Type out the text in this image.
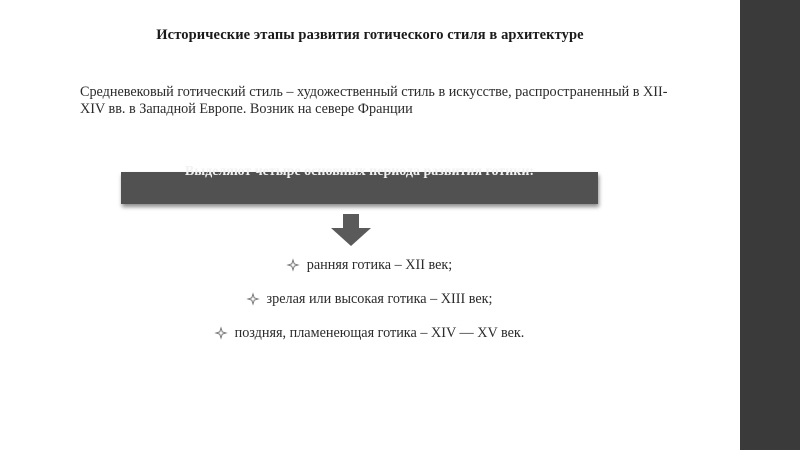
Исторические этапы развития готического стиля в архитектуре
Средневековый готический стиль – художественный стиль в искусстве, распространенный в XII-XIV вв. в Западной Европе. Возник на севере Франции
Выделяют четыре основных периода развития готики:
ранняя готика – XII век;
зрелая или высокая готика – XIII век;
поздняя, пламенеющая готика – XIV — XV век.
